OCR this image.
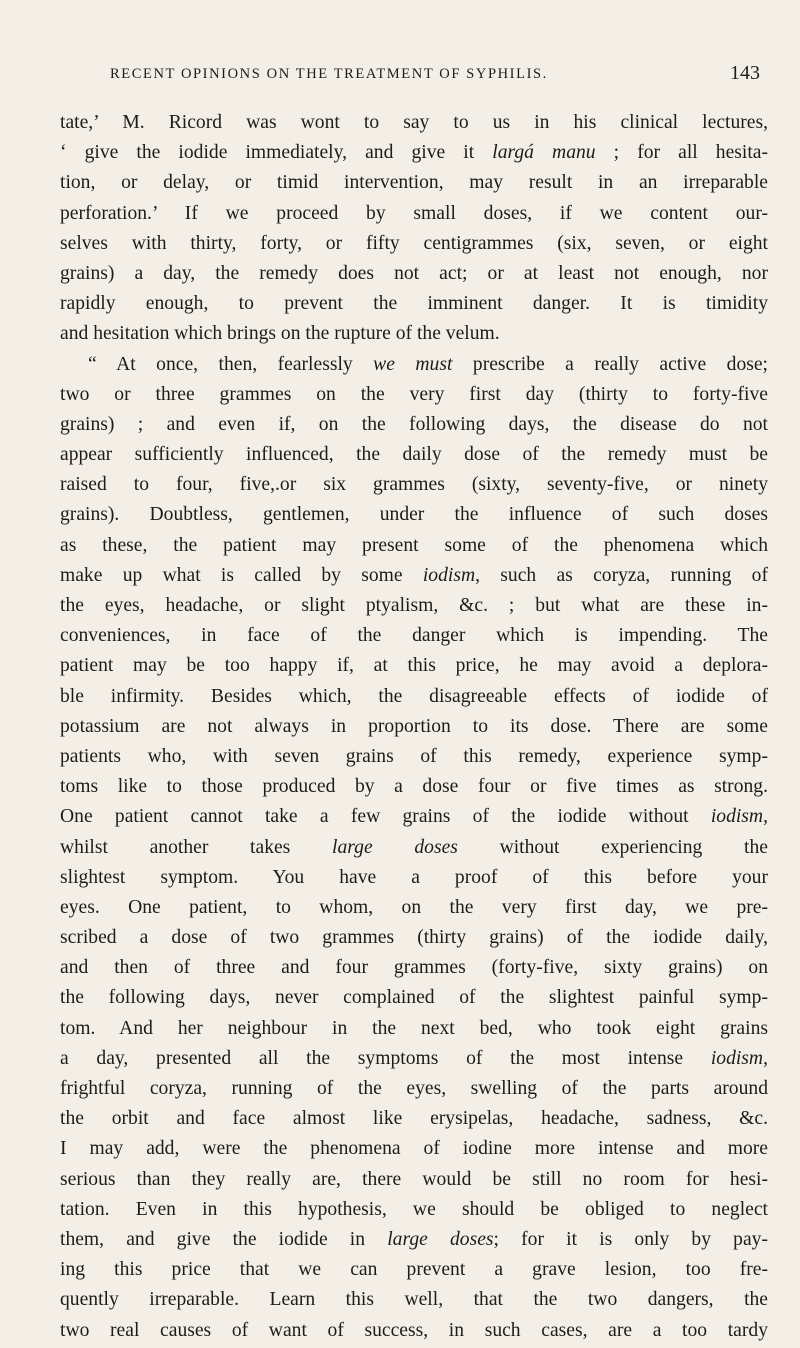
RECENT OPINIONS ON THE TREATMENT OF SYPHILIS.	143
tate,’ M. Ricord was wont to say to us in his clinical lectures,
‘ give the iodide immediately, and give it largá manu ; for all hesita-
tion, or delay, or timid intervention, may result in an irreparable
perforation.’ If we proceed by small doses, if we content our-
selves with thirty, forty, or fifty centigrammes (six, seven, or eight
grains) a day, the remedy does not act; or at least not enough, nor
rapidly enough, to prevent the imminent danger. It is timidity
and hesitation which brings on the rupture of the velum.
“ At once, then, fearlessly we must prescribe a really active dose;
two or three grammes on the very first day (thirty to forty-five
grains) ; and even if, on the following days, the disease do not
appear sufficiently influenced, the daily dose of the remedy must be
raised to four, five,.or six grammes (sixty, seventy-five, or ninety
grains). Doubtless, gentlemen, under the influence of such doses
as these, the patient may present some of the phenomena which
make up what is called by some iodism, such as coryza, running of
the eyes, headache, or slight ptyalism, &c. ; but what are these in-
conveniences, in face of the danger which is impending. The
patient may be too happy if, at this price, he may avoid a deplora-
ble infirmity. Besides which, the disagreeable effects of iodide of
potassium are not always in proportion to its dose. There are some
patients who, with seven grains of this remedy, experience symp-
toms like to those produced by a dose four or five times as strong.
One patient cannot take a few grains of the iodide without iodism,
whilst another takes large doses without experiencing the
slightest symptom. You have a proof of this before your
eyes. One patient, to whom, on the very first day, we pre-
scribed a dose of two grammes (thirty grains) of the iodide daily,
and then of three and four grammes (forty-five, sixty grains) on
the following days, never complained of the slightest painful symp-
tom. And her neighbour in the next bed, who took eight grains
a day, presented all the symptoms of the most intense iodism,
frightful coryza, running of the eyes, swelling of the parts around
the orbit and face almost like erysipelas, headache, sadness, &c.
I may add, were the phenomena of iodine more intense and more
serious than they really are, there would be still no room for hesi-
tation. Even in this hypothesis, we should be obliged to neglect
them, and give the iodide in large doses; for it is only by pay-
ing this price that we can prevent a grave lesion, too fre-
quently irreparable. Learn this well, that the two dangers, the
two real causes of want of success, in such cases, are a too tardy
